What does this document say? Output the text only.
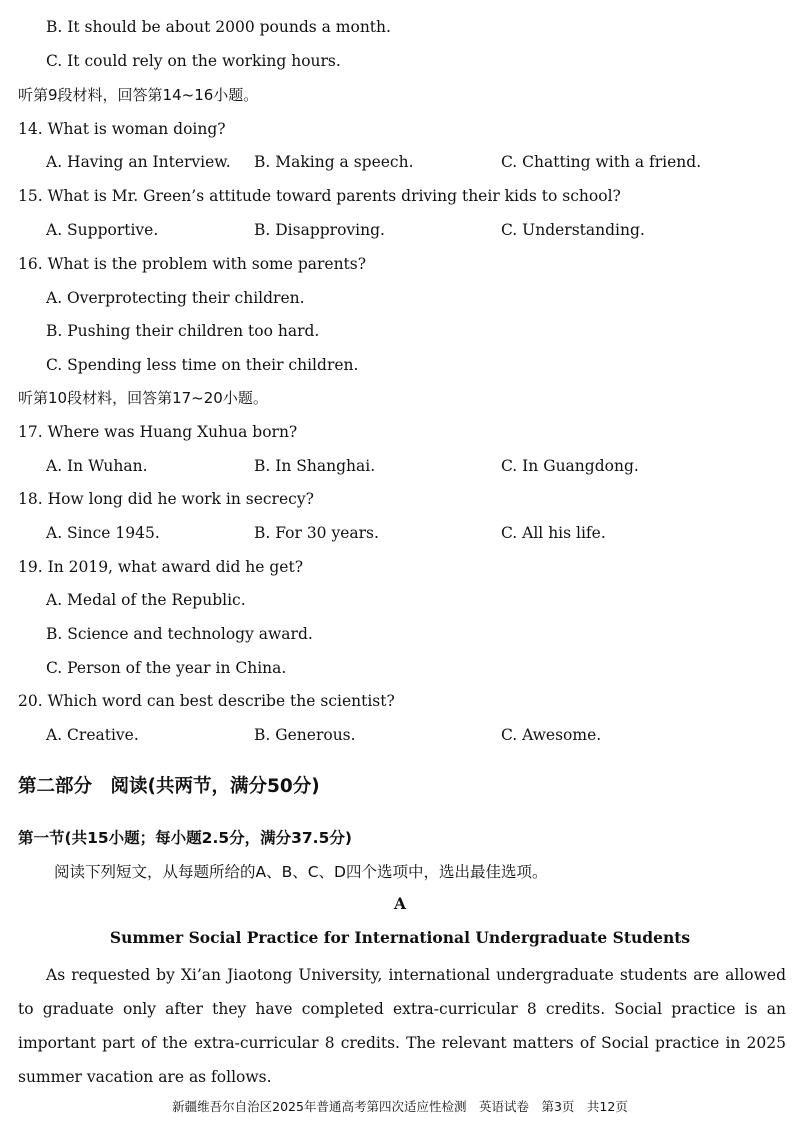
B. It should be about 2000 pounds a month.
C. It could rely on the working hours.
听第9段材料，回答第14~16小题。
14. What is woman doing?
A. Having an Interview. B. Making a speech.	C. Chatting with a friend.
15. What is Mr. Green’s attitude toward parents driving their kids to school?
A. Supportive.	B. Disapproving.	C. Understanding.
16. What is the problem with some parents?
A. Overprotecting their children.
B. Pushing their children too hard.
C. Spending less time on their children.
听第10段材料，回答第17~20小题。
17. Where was Huang Xuhua born?
A. In Wuhan.	B. In Shanghai.	C. In Guangdong.
18. How long did he work in secrecy?
A. Since 1945.	B. For 30 years.	C. All his life.
19. In 2019, what award did he get?
A. Medal of the Republic.
B. Science and technology award.
C. Person of the year in China.
20. Which word can best describe the scientist?
A. Creative.	B. Generous.	C. Awesome.
第二部分　阅读(共两节，满分50分)
第一节(共15小题；每小题2.5分，满分37.5分)
阅读下列短文，从每题所给的A、B、C、D四个选项中，选出最佳选项。
A
Summer Social Practice for International Undergraduate Students
As requested by Xi’an Jiaotong University, international undergraduate students are allowed to graduate only after they have completed extra-curricular 8 credits. Social practice is an important part of the extra-curricular 8 credits. The relevant matters of Social practice in 2025 summer vacation are as follows.
新疆维吾尔自治区2025年普通高考第四次适应性检测　英语试卷　第3页　共12页
